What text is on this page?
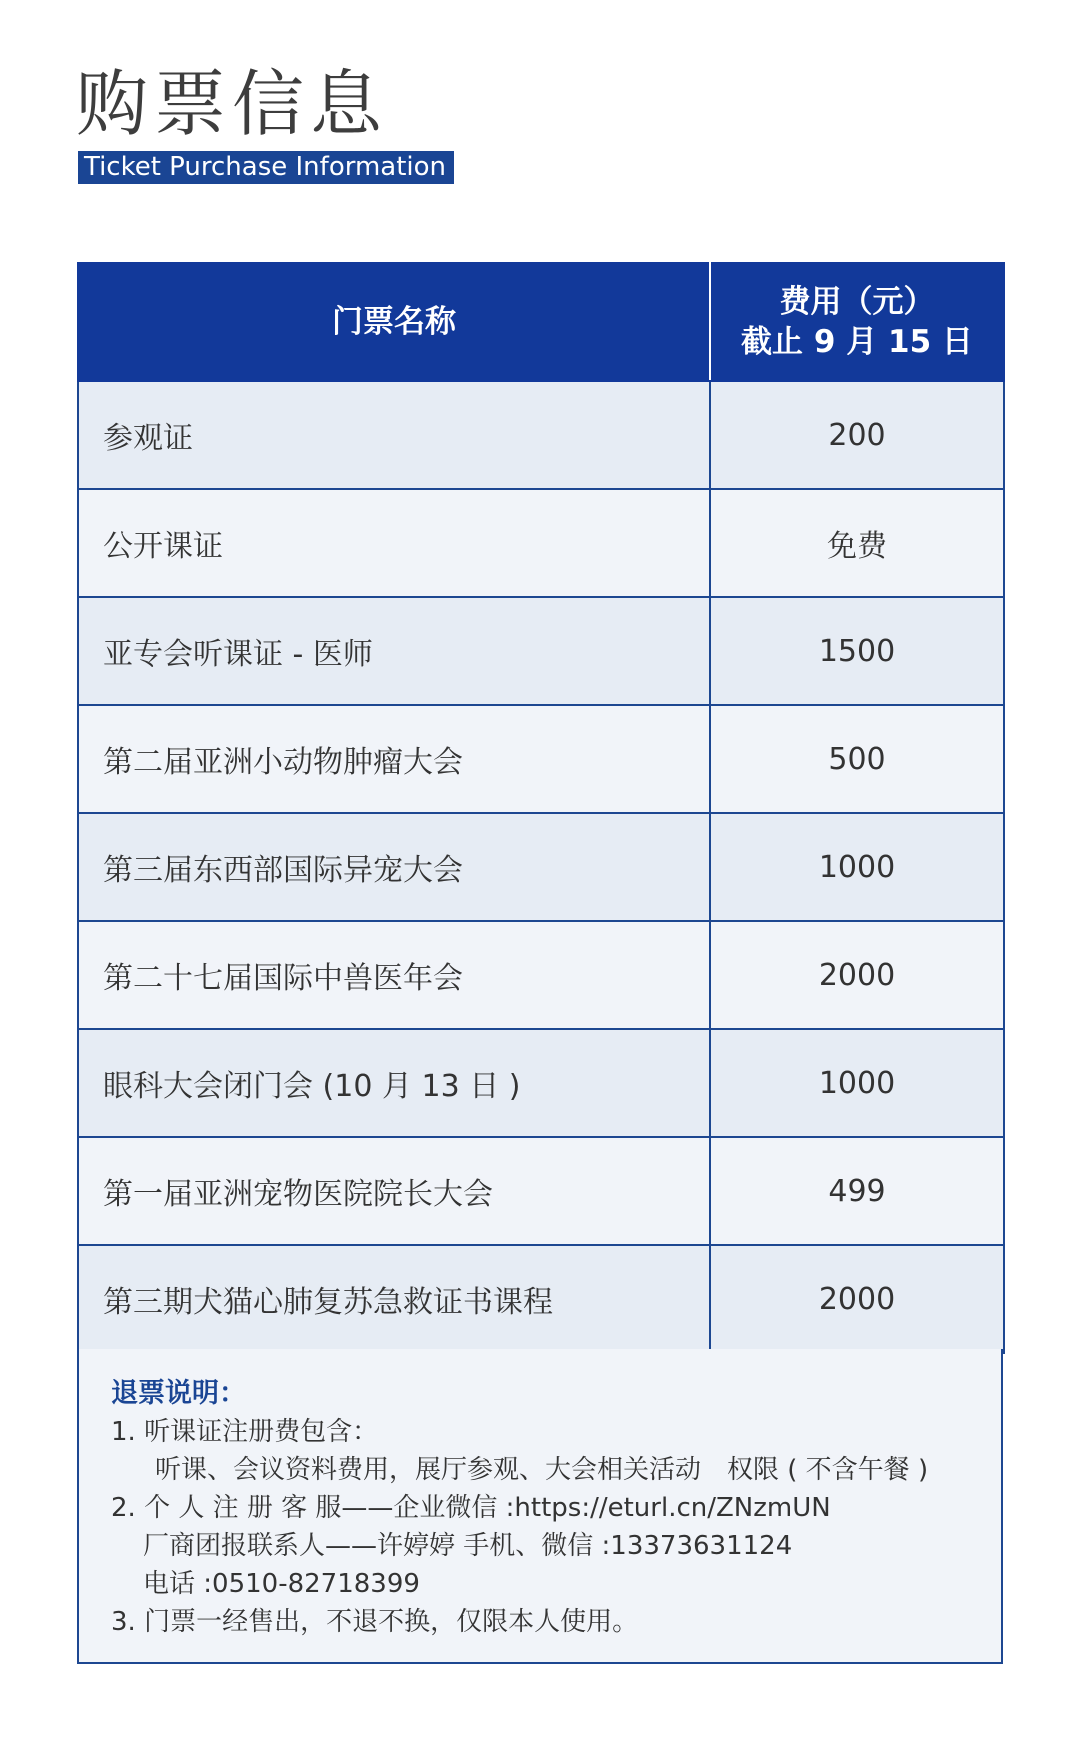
购票信息
Ticket Purchase Information
门票名称	费用（元）
截止 9 月 15 日

参观证	200
公开课证	免费
亚专会听课证 - 医师	1500
第二届亚洲小动物肿瘤大会	500
第三届东西部国际异宠大会	1000
第二十七届国际中兽医年会	2000
眼科大会闭门会 (10 月 13 日 )	1000
第一届亚洲宠物医院院长大会	499
第三期犬猫心肺复苏急救证书课程	2000
退票说明：
1. 听课证注册费包含：
听课、会议资料费用，展厅参观、大会相关活动　权限 ( 不含午餐 )
2. 个 人 注 册 客 服——企业微信 :https://eturl.cn/ZNzmUN
厂商团报联系人——许婷婷 手机、微信 :13373631124
电话 :0510-82718399
3. 门票一经售出，不退不换，仅限本人使用。
